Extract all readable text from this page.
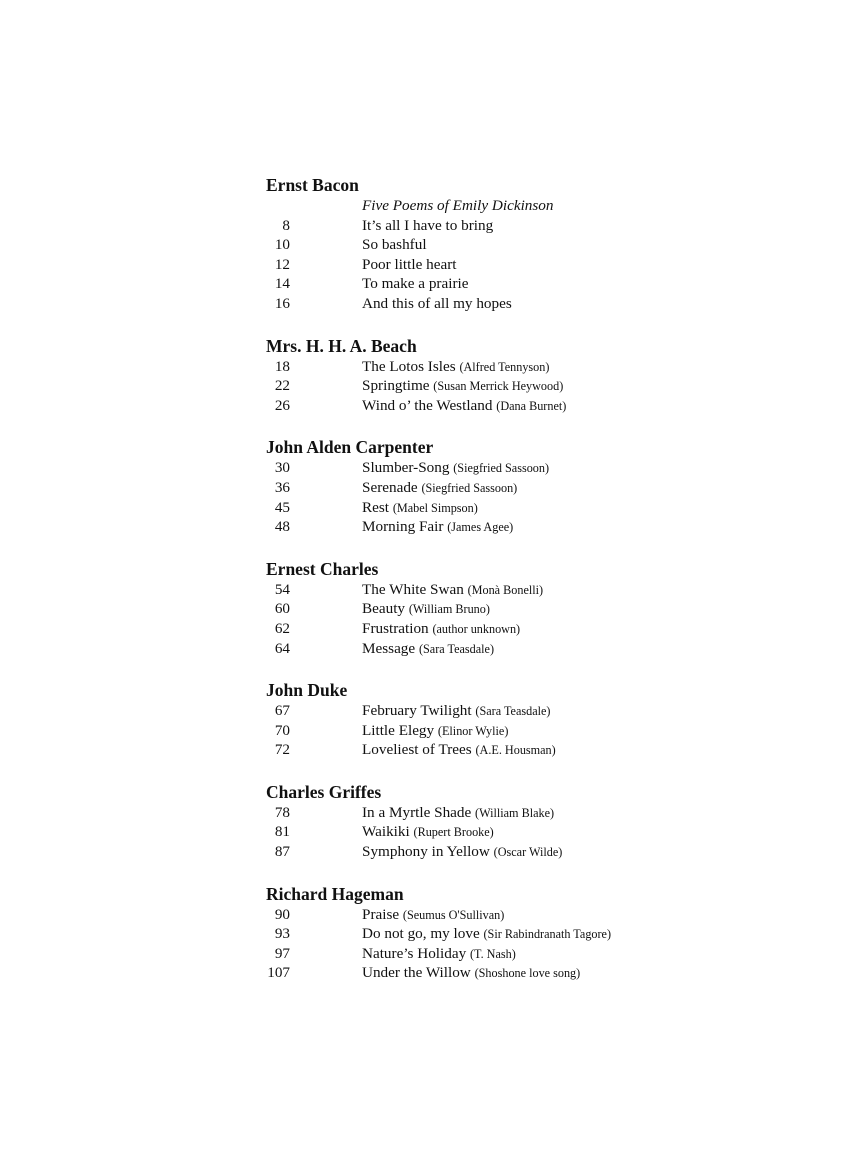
Ernst Bacon
Five Poems of Emily Dickinson
8	It’s all I have to bring
10	So bashful
12	Poor little heart
14	To make a prairie
16	And this of all my hopes
Mrs. H. H. A. Beach
18	The Lotos Isles (Alfred Tennyson)
22	Springtime (Susan Merrick Heywood)
26	Wind o’ the Westland (Dana Burnet)
John Alden Carpenter
30	Slumber-Song (Siegfried Sassoon)
36	Serenade (Siegfried Sassoon)
45	Rest (Mabel Simpson)
48	Morning Fair (James Agee)
Ernest Charles
54	The White Swan (Monà Bonelli)
60	Beauty (William Bruno)
62	Frustration (author unknown)
64	Message (Sara Teasdale)
John Duke
67	February Twilight (Sara Teasdale)
70	Little Elegy (Elinor Wylie)
72	Loveliest of Trees (A.E. Housman)
Charles Griffes
78	In a Myrtle Shade (William Blake)
81	Waikiki (Rupert Brooke)
87	Symphony in Yellow (Oscar Wilde)
Richard Hageman
90	Praise (Seumus O'Sullivan)
93	Do not go, my love (Sir Rabindranath Tagore)
97	Nature’s Holiday (T. Nash)
107	Under the Willow (Shoshone love song)
